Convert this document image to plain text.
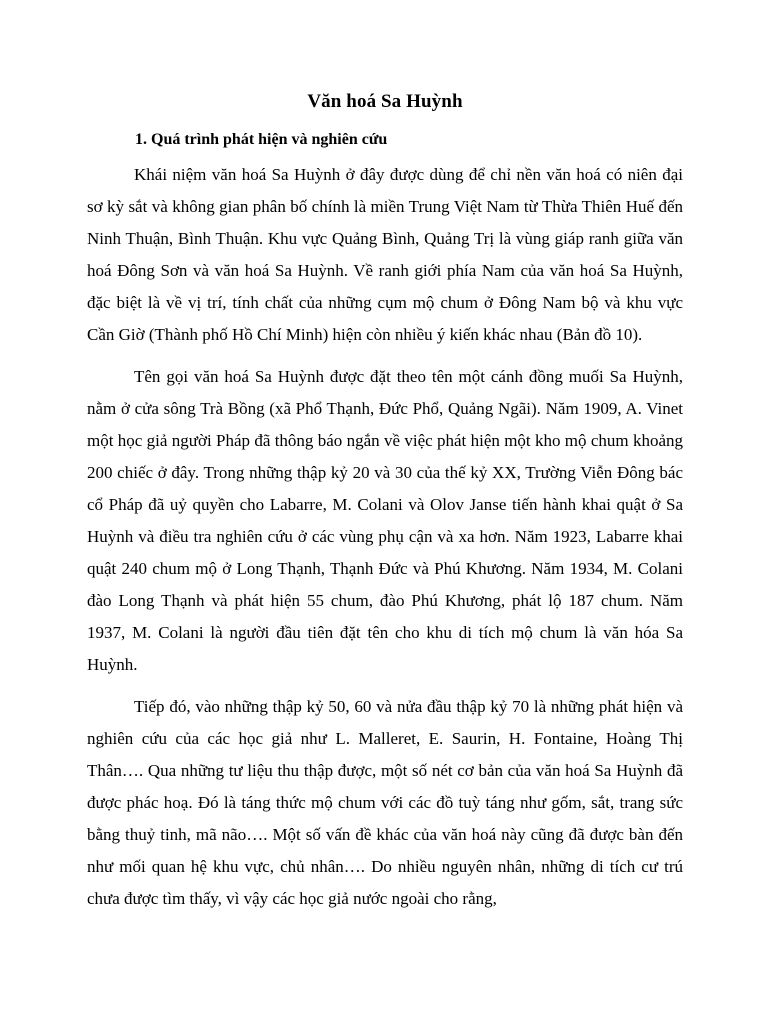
Văn hoá Sa Huỳnh
1. Quá trình phát hiện và nghiên cứu

Khái niệm văn hoá Sa Huỳnh ở đây được dùng để chỉ nền văn hoá có niên đại sơ kỳ sắt và không gian phân bố chính là miền Trung Việt Nam từ Thừa Thiên Huế đến Ninh Thuận, Bình Thuận. Khu vực Quảng Bình, Quảng Trị là vùng giáp ranh giữa văn hoá Đông Sơn và văn hoá Sa Huỳnh. Về ranh giới phía Nam của văn hoá Sa Huỳnh, đặc biệt là về vị trí, tính chất của những cụm mộ chum ở Đông Nam bộ và khu vực Cần Giờ (Thành phố Hồ Chí Minh) hiện còn nhiều ý kiến khác nhau (Bản đồ 10).

Tên gọi văn hoá Sa Huỳnh được đặt theo tên một cánh đồng muối Sa Huỳnh, nằm ở cửa sông Trà Bồng (xã Phổ Thạnh, Đức Phổ, Quảng Ngãi). Năm 1909, A. Vinet một học giả người Pháp đã thông báo ngắn về việc phát hiện một kho mộ chum khoảng 200 chiếc ở đây. Trong những thập kỷ 20 và 30 của thế kỷ XX, Trường Viễn Đông bác cổ Pháp đã uỷ quyền cho Labarre, M. Colani và Olov Janse tiến hành khai quật ở Sa Huỳnh và điều tra nghiên cứu ở các vùng phụ cận và xa hơn. Năm 1923, Labarre khai quật 240 chum mộ ở Long Thạnh, Thạnh Đức và Phú Khương. Năm 1934, M. Colani đào Long Thạnh và phát hiện 55 chum, đào Phú Khương, phát lộ 187 chum. Năm 1937, M. Colani là người đầu tiên đặt tên cho khu di tích mộ chum là văn hóa Sa Huỳnh.

Tiếp đó, vào những thập kỷ 50, 60 và nửa đầu thập kỷ 70 là những phát hiện và nghiên cứu của các học giả như L. Malleret, E. Saurin, H. Fontaine, Hoàng Thị Thân…. Qua những tư liệu thu thập được, một số nét cơ bản của văn hoá Sa Huỳnh đã được phác hoạ. Đó là táng thức mộ chum với các đồ tuỳ táng như gốm, sắt, trang sức bằng thuỷ tinh, mã não…. Một số vấn đề khác của văn hoá này cũng đã được bàn đến như mối quan hệ khu vực, chủ nhân…. Do nhiều nguyên nhân, những di tích cư trú chưa được tìm thấy, vì vậy các học giả nước ngoài cho rằng,
